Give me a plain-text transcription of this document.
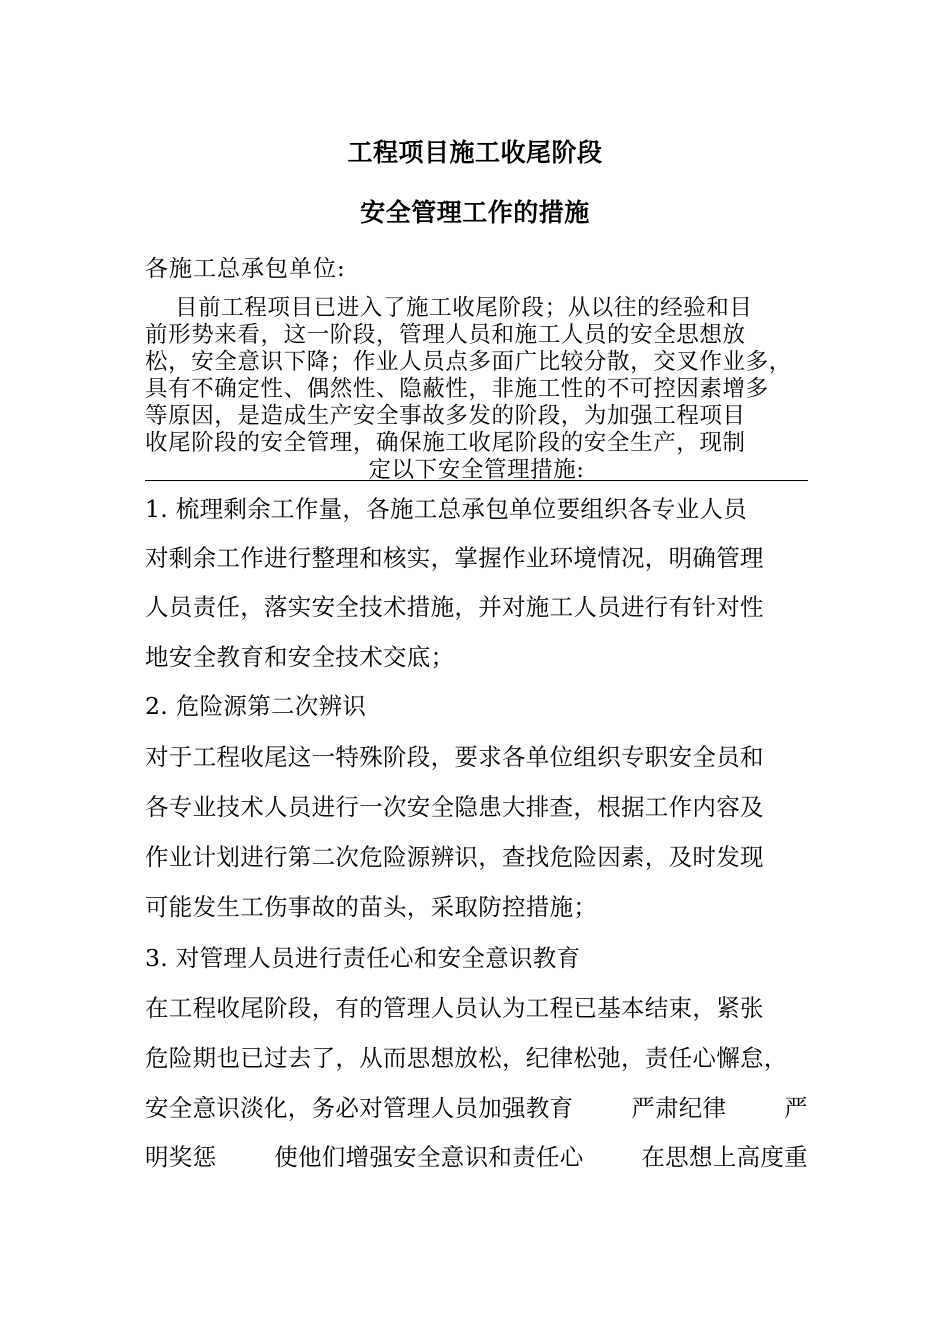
工程项目施工收尾阶段
安全管理工作的措施
各施工总承包单位:
目前工程项目已进入了施工收尾阶段；从以往的经验和目
前形势来看，这一阶段，管理人员和施工人员的安全思想放
松，安全意识下降；作业人员点多面广比较分散，交叉作业多，
具有不确定性、偶然性、隐蔽性，非施工性的不可控因素增多
等原因，是造成生产安全事故多发的阶段，为加强工程项目
收尾阶段的安全管理，确保施工收尾阶段的安全生产，现制
定以下安全管理措施:
1. 梳理剩余工作量，各施工总承包单位要组织各专业人员
对剩余工作进行整理和核实，掌握作业环境情况，明确管理
人员责任，落实安全技术措施，并对施工人员进行有针对性
地安全教育和安全技术交底；
2. 危险源第二次辨识
对于工程收尾这一特殊阶段，要求各单位组织专职安全员和
各专业技术人员进行一次安全隐患大排查，根据工作内容及
作业计划进行第二次危险源辨识，查找危险因素，及时发现
可能发生工伤事故的苗头，采取防控措施；
3. 对管理人员进行责任心和安全意识教育
在工程收尾阶段，有的管理人员认为工程已基本结束，紧张
危险期也已过去了，从而思想放松，纪律松弛，责任心懈怠，
安全意识淡化，务必对管理人员加强教育 严肃纪律 严
明奖惩 使他们增强安全意识和责任心 在思想上高度重
